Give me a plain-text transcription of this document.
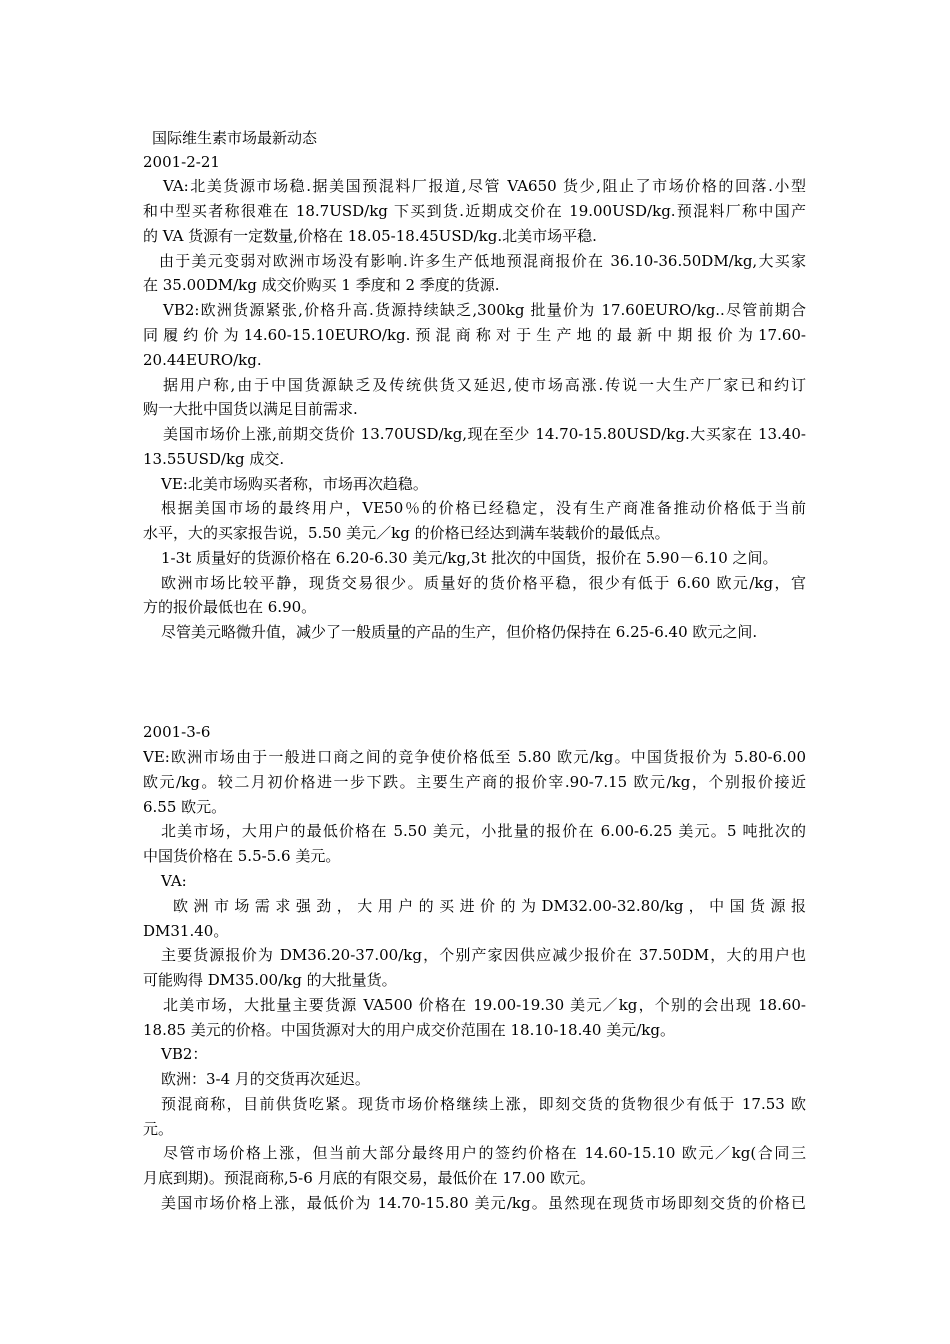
国际维生素市场最新动态
2001-2-21
VA:北美货源市场稳.据美国预混料厂报道,尽管 VA650 货少,阻止了市场价格的回落.小型
和中型买者称很难在 18.7USD/kg 下买到货.近期成交价在 19.00USD/kg.预混料厂称中国产
的 VA 货源有一定数量,价格在 18.05-18.45USD/kg.北美市场平稳.
由于美元变弱对欧洲市场没有影响.许多生产低地预混商报价在 36.10-36.50DM/kg,大买家
在 35.00DM/kg 成交价购买 1 季度和 2 季度的货源.
VB2:欧洲货源紧张,价格升高.货源持续缺乏,300kg 批量价为 17.60EURO/kg..尽管前期合
同 履 约 价 为 14.60-15.10EURO/kg. 预 混 商 称 对 于 生 产 地 的 最 新 中 期 报 价 为 17.60-
20.44EURO/kg.
据用户称,由于中国货源缺乏及传统供货又延迟,使市场高涨.传说一大生产厂家已和约订
购一大批中国货以满足目前需求.
美国市场价上涨,前期交货价 13.70USD/kg,现在至少 14.70-15.80USD/kg.大买家在 13.40-
13.55USD/kg 成交.
VE:北美市场购买者称，市场再次趋稳。
根据美国市场的最终用户，VE50％的价格已经稳定，没有生产商准备推动价格低于当前
水平，大的买家报告说，5.50 美元／kg 的价格已经达到满车装载价的最低点。
1-3t 质量好的货源价格在 6.20-6.30 美元/kg,3t 批次的中国货，报价在 5.90－6.10 之间。
欧洲市场比较平静，现货交易很少。质量好的货价格平稳，很少有低于 6.60 欧元/kg，官
方的报价最低也在 6.90。
尽管美元略微升值，减少了一般质量的产品的生产，但价格仍保持在 6.25-6.40 欧元之间.
2001-3-6
VE:欧洲市场由于一般进口商之间的竞争使价格低至 5.80 欧元/kg。中国货报价为 5.80-6.00
欧元/kg。较二月初价格进一步下跌。主要生产商的报价宰.90-7.15 欧元/kg，个别报价接近
6.55 欧元。
北美市场，大用户的最低价格在 5.50 美元，小批量的报价在 6.00-6.25 美元。5 吨批次的
中国货价格在 5.5-5.6 美元。
VA:
欧 洲 市 场 需 求 强 劲 ， 大 用 户 的 买 进 价 的 为 DM32.00-32.80/kg ， 中 国 货 源 报
DM31.40。
主要货源报价为 DM36.20-37.00/kg，个别产家因供应减少报价在 37.50DM，大的用户也
可能购得 DM35.00/kg 的大批量货。
北美市场，大批量主要货源 VA500 价格在 19.00-19.30 美元／kg，个别的会出现 18.60-
18.85 美元的价格。中国货源对大的用户成交价范围在 18.10-18.40 美元/kg。
VB2：
欧洲：3-4 月的交货再次延迟。
预混商称，目前供货吃紧。现货市场价格继续上涨，即刻交货的货物很少有低于 17.53 欧
元。
尽管市场价格上涨，但当前大部分最终用户的签约价格在 14.60-15.10 欧元／kg(合同三
月底到期)。预混商称,5-6 月底的有限交易，最低价在 17.00 欧元。
美国市场价格上涨，最低价为 14.70-15.80 美元/kg。虽然现在现货市场即刻交货的价格已
